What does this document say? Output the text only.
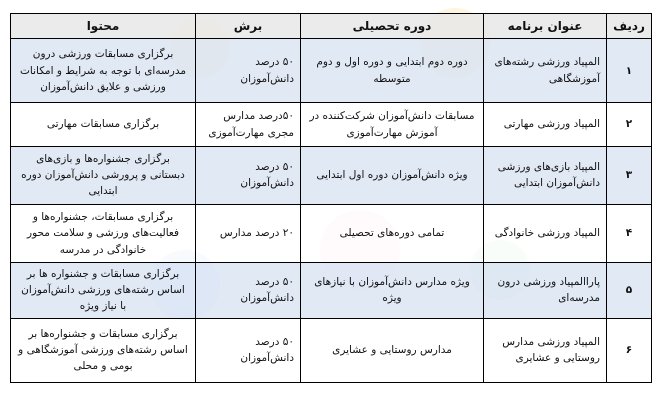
ردیف	عنوان برنامه	دوره تحصیلی	برش	محتوا
۱	المپیاد ورزشی رشته‌های آموزشگاهی	دوره دوم ابتدایی و دوره اول و دوم متوسطه	۵۰ درصد دانش‌آموزان	برگزاری مسابقات ورزشی درون مدرسه‌ای با توجه به شرایط و امکانات ورزشی و علایق دانش‌آموزان
۲	المپیاد ورزشی مهارتی	مسابقات دانش‌آموزان شرکت‌کننده در آموزش مهارت‌آموزی	۵۰درصد مدارس مجری مهارت‌آموزی	برگزاری مسابقات مهارتی
۳	المپیاد بازی‌های ورزشی دانش‌آموزان ابتدایی	ویژه دانش‌آموزان دوره اول ابتدایی	۵۰ درصد دانش‌آموزان	برگزاری جشنواره‌ها و بازی‌های دبستانی و پرورشی دانش‌آموزان دوره ابتدایی
۴	المپیاد ورزشی خانوادگی	تمامی دوره‌های تحصیلی	۲۰ درصد مدارس	برگزاری مسابقات، جشنواره‌ها و فعالیت‌های ورزشی و سلامت محور خانوادگی در مدرسه
۵	پاراالمپیاد ورزشی درون مدرسه‌ای	ویژه مدارس دانش‌آموزان با نیازهای ویژه	۵۰ درصد دانش‌آموزان	برگزاری مسابقات و جشنواره ها بر اساس رشته‌های ورزشی دانش‌آموزان با نیاز ویژه
۶	المپیاد ورزشی مدارس روستایی و عشایری	مدارس روستایی و عشایری	۵۰ درصد دانش‌آموزان	برگزاری مسابقات و جشنواره‌ها بر اساس رشته‌های ورزشی آموزشگاهی و بومی و محلی
